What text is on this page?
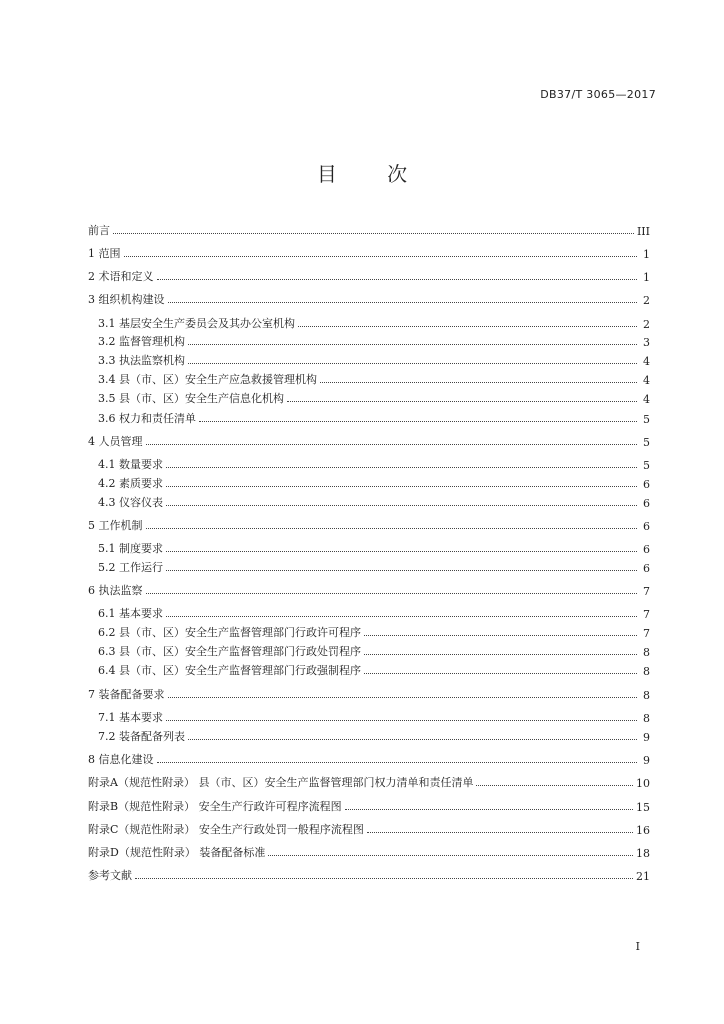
DB37/T 3065—2017
目 次
前言	III
1 范围	1
2 术语和定义	1
3 组织机构建设	2
3.1 基层安全生产委员会及其办公室机构	2
3.2 监督管理机构	3
3.3 执法监察机构	4
3.4 县（市、区）安全生产应急救援管理机构	4
3.5 县（市、区）安全生产信息化机构	4
3.6 权力和责任清单	5
4 人员管理	5
4.1 数量要求	5
4.2 素质要求	6
4.3 仪容仪表	6
5 工作机制	6
5.1 制度要求	6
5.2 工作运行	6
6 执法监察	7
6.1 基本要求	7
6.2 县（市、区）安全生产监督管理部门行政许可程序	7
6.3 县（市、区）安全生产监督管理部门行政处罚程序	8
6.4 县（市、区）安全生产监督管理部门行政强制程序	8
7 装备配备要求	8
7.1 基本要求	8
7.2 装备配备列表	9
8 信息化建设	9
附录A（规范性附录） 县（市、区）安全生产监督管理部门权力清单和责任清单	10
附录B（规范性附录） 安全生产行政许可程序流程图	15
附录C（规范性附录） 安全生产行政处罚一般程序流程图	16
附录D（规范性附录） 装备配备标准	18
参考文献	21
I
